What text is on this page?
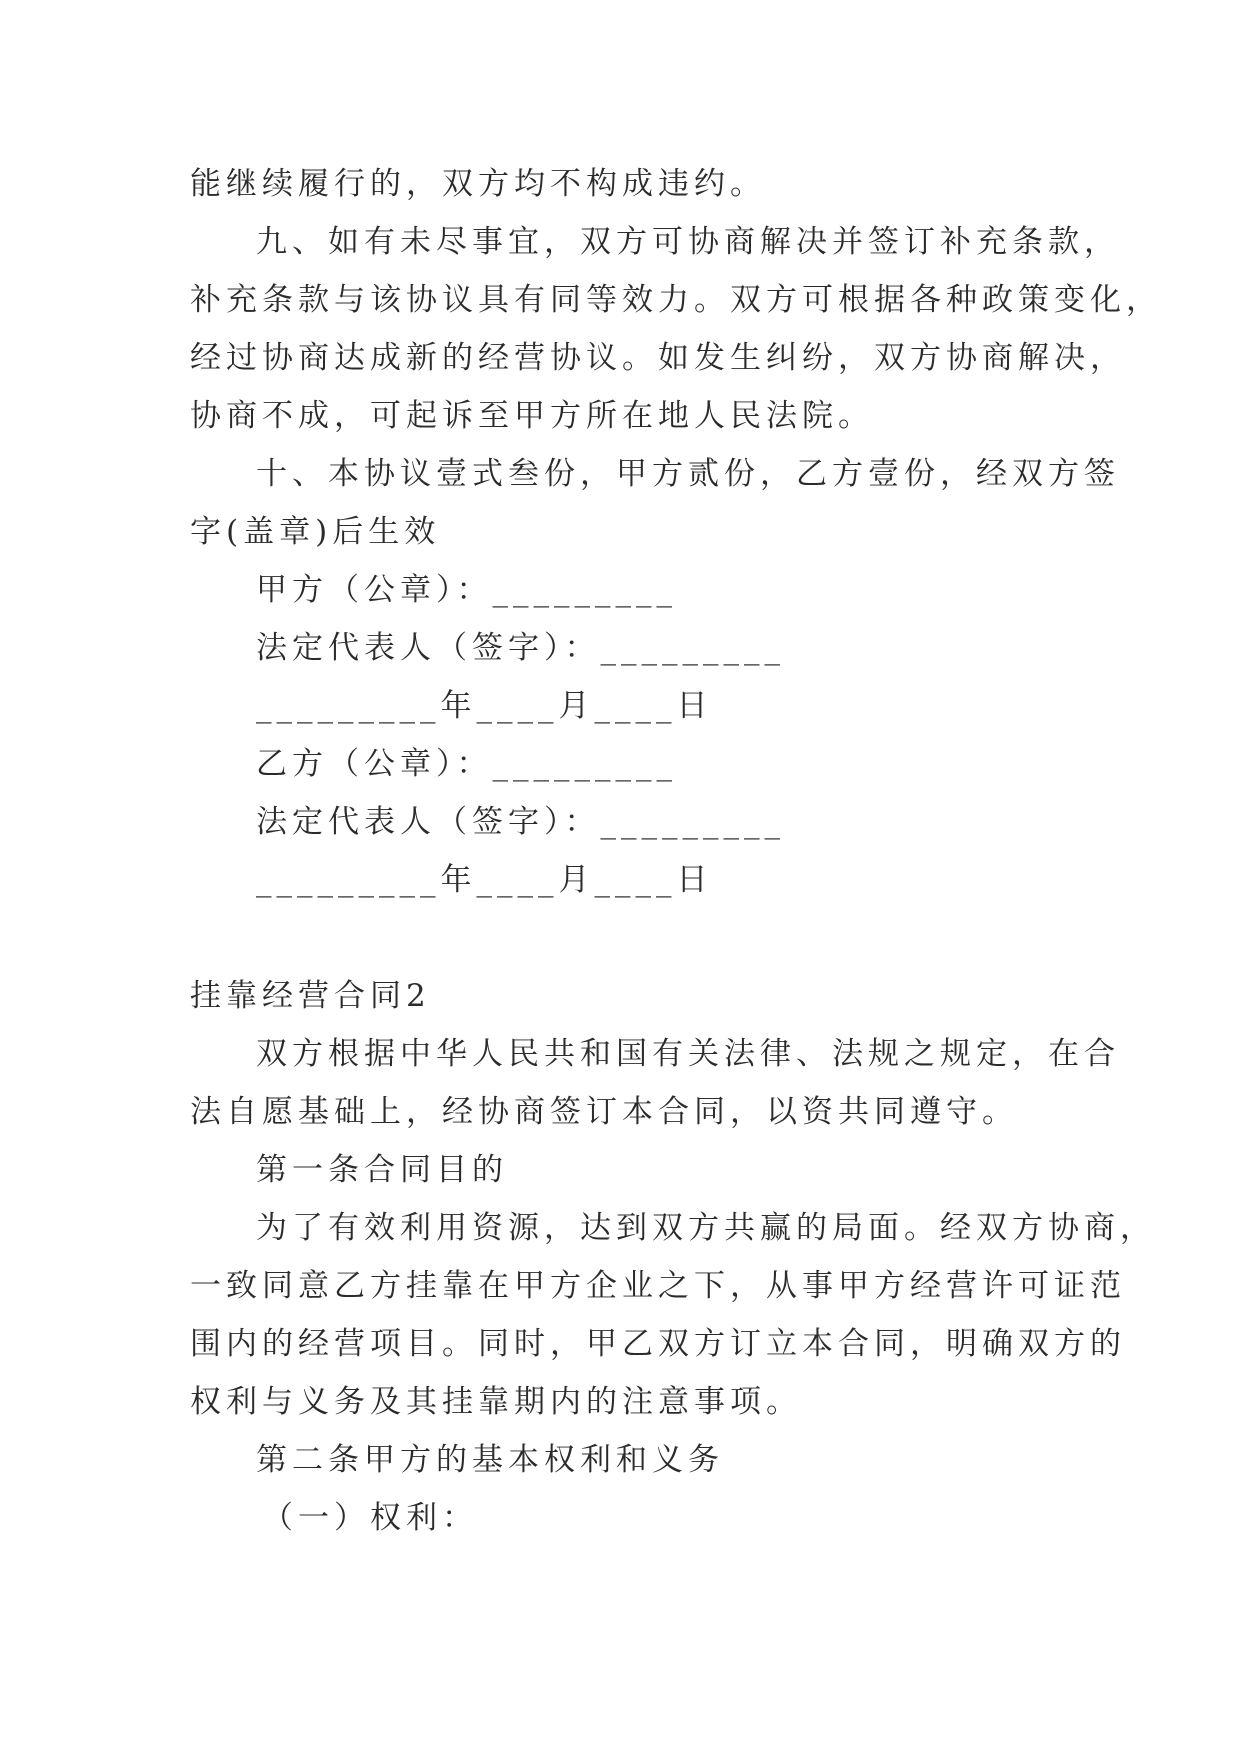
能继续履行的，双方均不构成违约。
九、如有未尽事宜，双方可协商解决并签订补充条款，
补充条款与该协议具有同等效力。双方可根据各种政策变化，
经过协商达成新的经营协议。如发生纠纷，双方协商解决，
协商不成，可起诉至甲方所在地人民法院。
十、本协议壹式叁份，甲方贰份，乙方壹份，经双方签
字(盖章)后生效
甲方（公章）：_________
法定代表人（签字）：_________
_________年____月____日
乙方（公章）：_________
法定代表人（签字）：_________
_________年____月____日
挂靠经营合同2
双方根据中华人民共和国有关法律、法规之规定，在合
法自愿基础上，经协商签订本合同，以资共同遵守。
第一条合同目的
为了有效利用资源，达到双方共赢的局面。经双方协商，
一致同意乙方挂靠在甲方企业之下，从事甲方经营许可证范
围内的经营项目。同时，甲乙双方订立本合同，明确双方的
权利与义务及其挂靠期内的注意事项。
第二条甲方的基本权利和义务
（一）权利：
